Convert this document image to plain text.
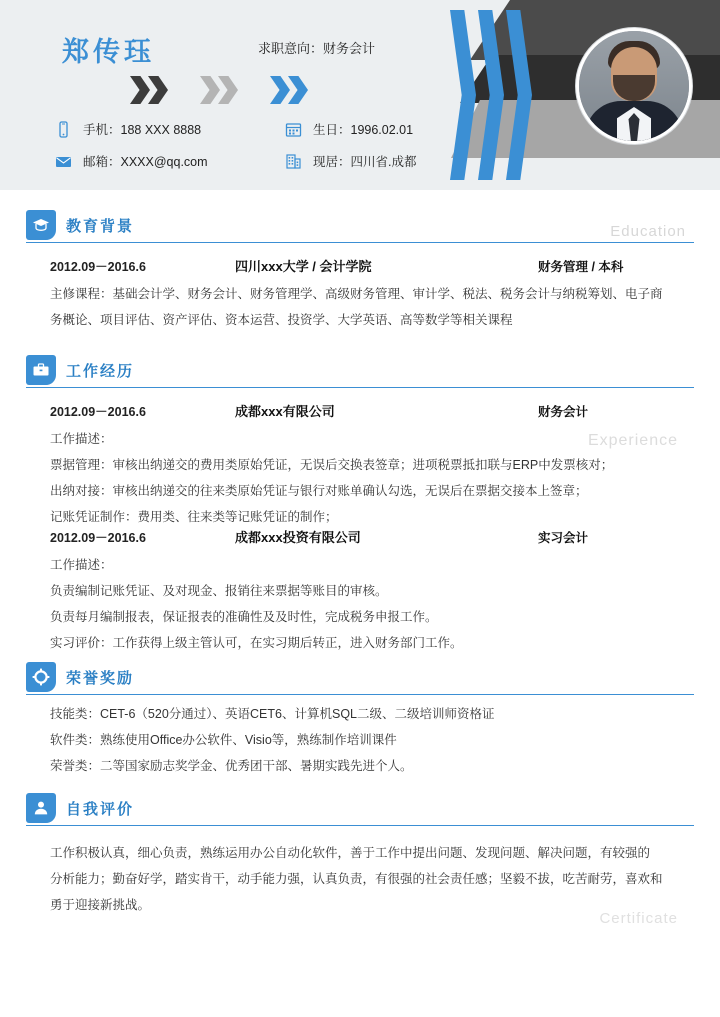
郑传珏	求职意向：财务会计
手机：188 XXX 8888	生日：1996.02.01
邮箱：XXXX@qq.com	现居：四川省.成都
教育背景	Education
2012.09－2016.6	四川xxx大学 / 会计学院	财务管理 / 本科
主修课程：基础会计学、财务会计、财务管理学、高级财务管理、审计学、税法、税务会计与纳税筹划、电子商
务概论、项目评估、资产评估、资本运营、投资学、大学英语、高等数学等相关课程
工作经历
Experience
2012.09－2016.6	成都xxx有限公司	财务会计
工作描述：
票据管理：审核出纳递交的费用类原始凭证，无误后交换表签章；进项税票抵扣联与ERP中发票核对；
出纳对接：审核出纳递交的往来类原始凭证与银行对账单确认勾选，无误后在票据交接本上签章；
记账凭证制作：费用类、往来类等记账凭证的制作；
2012.09－2016.6	成都xxx投资有限公司	实习会计
工作描述：
负责编制记账凭证、及对现金、报销往来票据等账目的审核。
负责每月编制报表，保证报表的准确性及及时性，完成税务申报工作。
实习评价：工作获得上级主管认可，在实习期后转正，进入财务部门工作。
荣誉奖励
技能类：CET-6（520分通过）、英语CET6、计算机SQL二级、二级培训师资格证
软件类：熟练使用Office办公软件、Visio等，熟练制作培训课件
荣誉类：二等国家励志奖学金、优秀团干部、暑期实践先进个人。
自我评价
Certificate
工作积极认真，细心负责，熟练运用办公自动化软件，善于工作中提出问题、发现问题、解决问题，有较强的
分析能力；勤奋好学，踏实肯干，动手能力强，认真负责，有很强的社会责任感；坚毅不拔，吃苦耐劳，喜欢和
勇于迎接新挑战。
